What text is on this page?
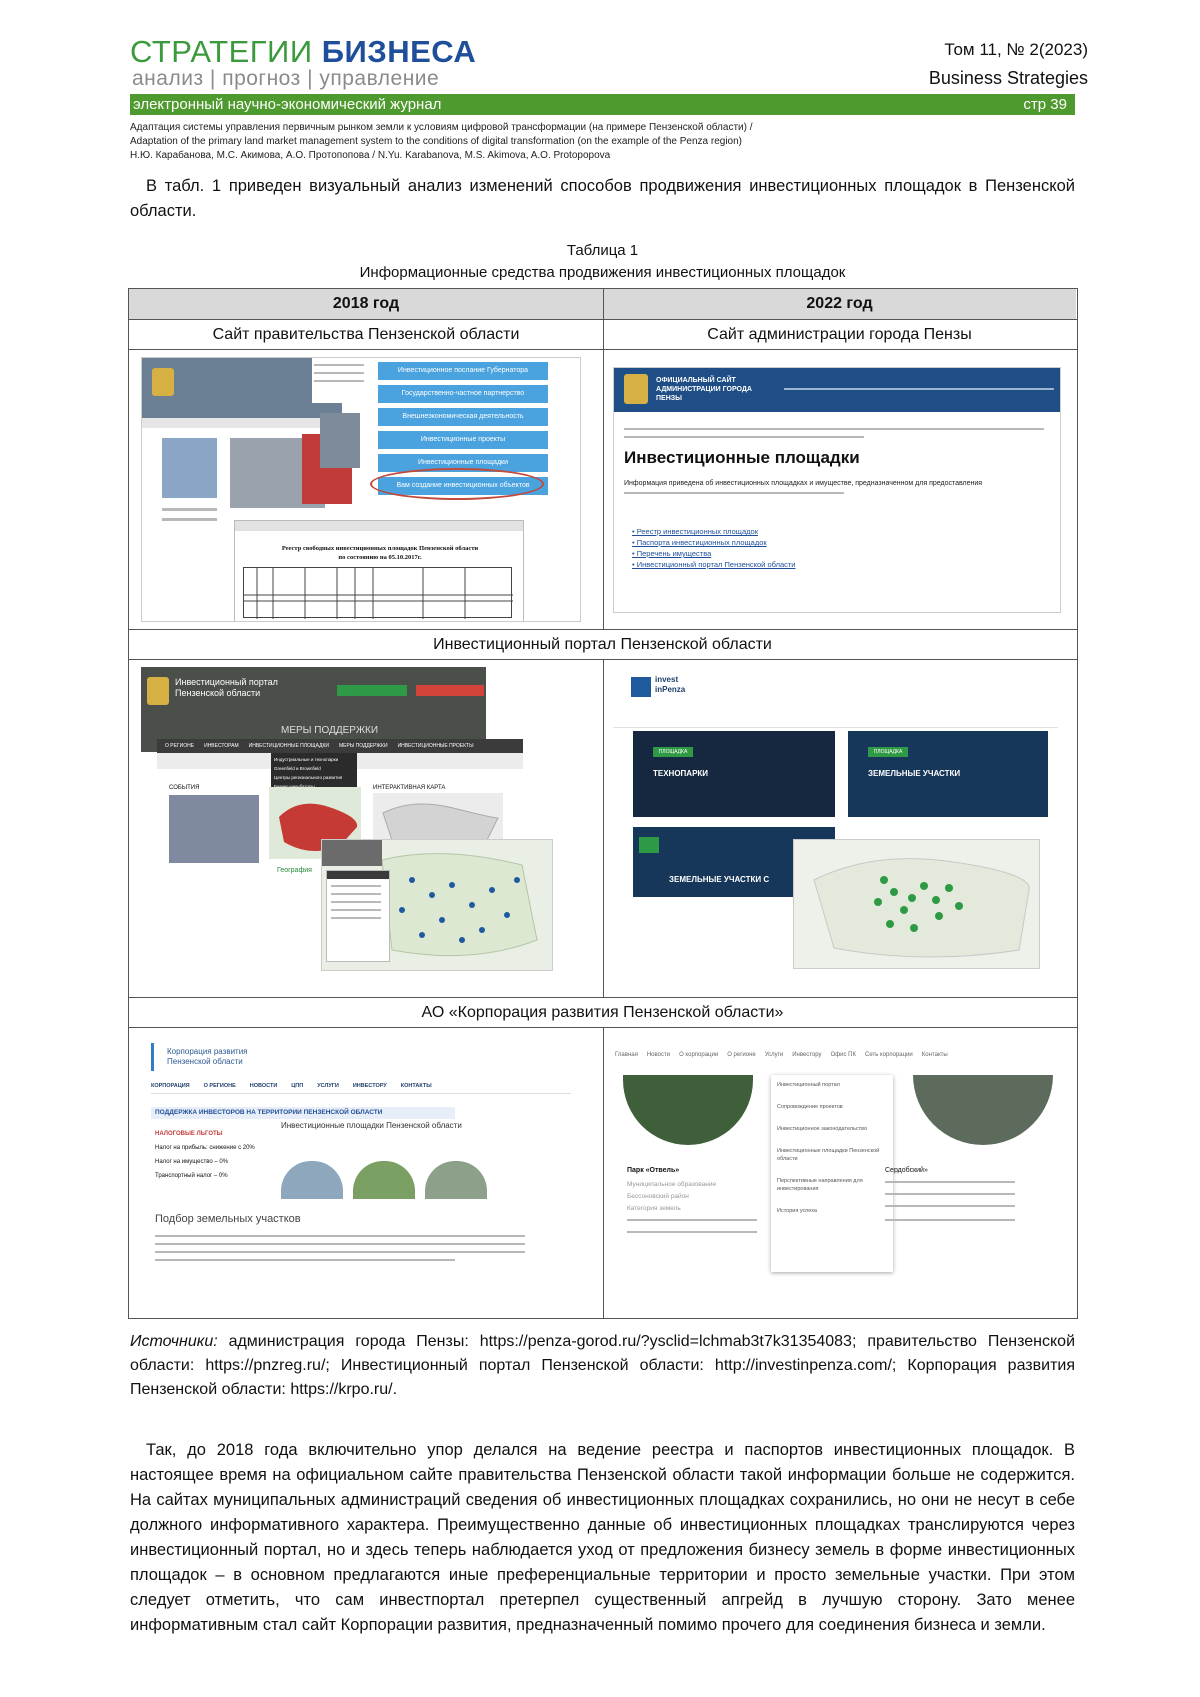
СТРАТЕГИИ БИЗНЕСА
анализ | прогноз | управление
Том 11, № 2(2023)
Business Strategies
электронный научно-экономический журнал	стр 39
Адаптация системы управления первичным рынком земли к условиям цифровой трансформации (на примере Пензенской области) /
Adaptation of the primary land market management system to the conditions of digital transformation (on the example of the Penza region)
Н.Ю. Карабанова, М.С. Акимова, А.О. Протопопова / N.Yu. Karabanova, M.S. Akimova, A.O. Protopopova
В табл. 1 приведен визуальный анализ изменений способов продвижения инвестиционных площадок в Пензенской области.
Таблица 1
Информационные средства продвижения инвестиционных площадок
2018 год	2022 год
Сайт правительства Пензенской области	Сайт администрации города Пензы
Инвестиционный портал Пензенской области
АО «Корпорация развития Пензенской области»
Инвестиционное послание Губернатора
Государственно-частное партнерство
Внешнеэкономическая деятельность
Инвестиционные проекты
Инвестиционные площадки
Вам создание инвестиционных объектов
Реестр свободных инвестиционных площадок Пензенской области
по состоянию на 05.10.2017г.
ОФИЦИАЛЬНЫЙ САЙТ АДМИНИСТРАЦИИ ГОРОДА ПЕНЗЫ
Инвестиционные площадки
Информация приведена об инвестиционных площадках и имуществе, предназначенном для предоставления
• Реестр инвестиционных площадок
• Паспорта инвестиционных площадок
• Перечень имущества
• Инвестиционный портал Пензенской области
Инвестиционный портал Пензенской области
МЕРЫ ПОДДЕРЖКИ
О РЕГИОНЕ ИНВЕСТОРАМ ИНВЕСТИЦИОННЫЕ ПЛОЩАДКИ МЕРЫ ПОДДЕРЖКИ ИНВЕСТИЦИОННЫЕ ПРОЕКТЫ
Индустриальные и технопарки
Greenfield и Brownfield
Центры регионального развития
СОБЫТИЯ	ИНТЕРАКТИВНАЯ КАРТА
География
invest
inPenza
ПЛОЩАДКА
ТЕХНОПАРКИ
ПЛОЩАДКА
ЗЕМЕЛЬНЫЕ УЧАСТКИ
ЗЕМЕЛЬНЫЕ УЧАСТКИ С
Корпорация развития Пензенской области
КОРПОРАЦИЯ	О РЕГИОНЕ	НОВОСТИ	ЦПП	УСЛУГИ	ИНВЕСТОРУ	КОНТАКТЫ
ПОДДЕРЖКА ИНВЕСТОРОВ НА ТЕРРИТОРИИ ПЕНЗЕНСКОЙ ОБЛАСТИ
Инвестиционные площадки Пензенской области
НАЛОГОВЫЕ ЛЬГОТЫ
Налог на прибыль: снижение с 20%
Налог на имущество – 0%
Транспортный налог – 0%
Подбор земельных участков
Главная Новости О корпорации О регионе Услуги Инвестору Офис ПК Сеть корпорации Контакты
Инвестиционный портал
Сопровождение проектов
Инвестиционное законодательство
Инвестиционные площадки Пензенской области
Перспективные направления для инвестирования
История успеха
Парк «Отвель»	Сердобский»
Муниципальное образование
Бессоновский район
Категория земель
Источники: администрация города Пензы: https://penza-gorod.ru/?ysclid=lchmab3t7k31354083; правительство Пензенской области: https://pnzreg.ru/; Инвестиционный портал Пензенской области: http://investinpenza.com/; Корпорация развития Пензенской области: https://krpo.ru/.
Так, до 2018 года включительно упор делался на ведение реестра и паспортов инвестиционных площадок. В настоящее время на официальном сайте правительства Пензенской области такой информации больше не содержится. На сайтах муниципальных администраций сведения об инвестиционных площадках сохранились, но они не несут в себе должного информативного характера. Преимущественно данные об инвестиционных площадках транслируются через инвестиционный портал, но и здесь теперь наблюдается уход от предложения бизнесу земель в форме инвестиционных площадок – в основном предлагаются иные преференциальные территории и просто земельные участки. При этом следует отметить, что сам инвестпортал претерпел существенный апгрейд в лучшую сторону. Зато менее информативным стал сайт Корпорации развития, предназначенный помимо прочего для соединения бизнеса и земли.
